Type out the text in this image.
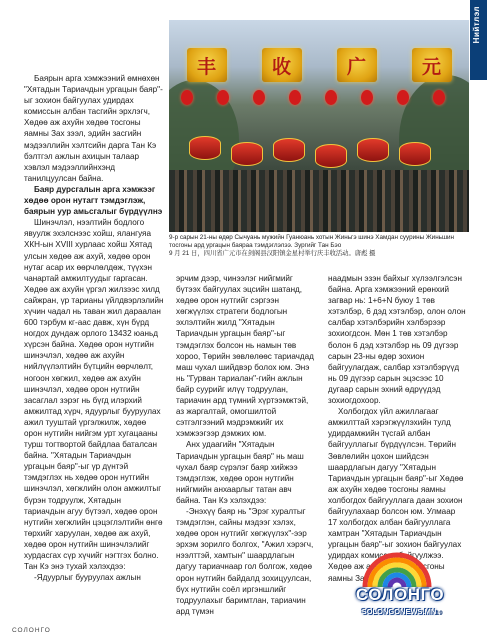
Нийтлэл
丰	收	广	元

9-р сарын 21-ны өдөр Сычуань мужийн Гуанюань хотын Жиньгэ шинэ Хамдан суурины Жиньшин тосгоны ард ургацын баяраа тэмдэглэлээ. Зургийг Тан Бэо

9 月 21 日，四川省广元市在剑阁县汉阳镇金星村举行庆丰收活动。唐彪 摄

Баярын арга хэмжээний өмнөхөн "Хятадын Тариачдын ургацын баяр"-ыг зохион байгуулах удирдах комиссын албан тасгийн эрхлэгч, Хөдөө аж ахуйн хөдөө тосгоны яамны Зах зээл, эдийн засгийн мэдээллийн хэлтсийн дарга Тан Кэ бэлтгэл ажлын ахицын талаар хэвлэл мэдээллийнхэнд танилцуулсан байна.

Баяр дурсгалын арга хэмжээг хөдөө орон нутагт тэмдэглэж, баярын уур амьсгалыг бүрдүүлнэ

Шинэчлэл, нээлтийн бодлого явуулж эхэлснээс хойш, ялангуяа ХКН-ын XVIII хурлаас хойш Хятад улсын хөдөө аж ахуй, хөдөө орон нутаг асар их өөрчлөлдөж, түүхэн чанартай амжилтуудыг гаргасан. Хөдөө аж ахуйн үргэл жилзээс хилд сайжран, үр тарианы үйлдвэрлэлийн хүчин чадал нь таван жил дараалан 600 тэрбум кг-аас давж, хүн бүрд ногдох дундаж орлого 13432 юаньд хүрсэн байна. Хөдөө орон нутгийн шинэчлэл, хөдөө аж ахуйн нийлүүлэлтийн бүтцийн өөрчлөлт, ногоон хөгжил, хөдөө аж ахуйн шинэчлэл, хөдөө орон нутгийн засаглал зэрэг нь бүгд илэрхий амжилтад хүрч, ядуурлыг бууруулах ажил тууштай үргэлжилж, хөдөө орон нутгийн нийгэм урт хугацааны турш тогтвортой байдлаа баталсан байна. "Хятадын Тариачдын ургацын баяр"-ыг үр дүнтэй тэмдэглэх нь хөдөө орон нутгийн шинэчлэл, хөгжлийн олон амжилтыг бүрэн тодруулж, Хятадын тариачдын агуу бүтээл, хөдөө орон нутгийн хөгжлийн цэцэглэлтийн өнгө төрхийг харуулан, хөдөө аж ахуй, хөдөө орон нутгийн шинэчлэлийг хурдасгах сүр хүчийг нэгтгэх болно. Тан Кэ энэ тухай хэлэхдээ:

-Ядуурлыг бууруулах ажлын

эрчим дээр, чинээлэг нийгмийг бүтээх байгуулах эцсийн шатанд, хөдөө орон нутгийг сэргээн хөгжүүлэх стратеги бодлогын эхлэлтийн жилд "Хятадын Тариачдын ургацын баяр"-ыг тэмдэглэх болсон нь намын төв хороо, Төрийн зөвлөлөөс тариачдад маш чухал шийдвэр болох юм. Энэ нь "Гурван тариалан"-гийн ажлын байр суурийг илүү тодруулан, тариачин ард түмний хүртээмжтэй, аз жаргалтай, омогшилтой сэтгэлгээний мэдрэмжийг их хэмжээгээр дэмжих юм.

Анх удаагийн "Хятадын Тариачдын ургацын баяр" нь маш чухал баяр сүрэлэг баяр хийжээ тэмдэглэж, хөдөө орон нутгийн нийгмийн анхаарлыг татан авч байна. Тан Кэ хэлэхдээ:

-Энэхүү баяр нь "Эрэг хуралтыг тэмдэглэн, сайны мэдээг хэлэх, хөдөө орон нутгийг хөгжүүлэх"-ээр эрхэм зорилго болгох, "Ажил хэрэгч, нээлттэй, хамтын" шаардлагын дагуу тариачнаар гол болгож, хөдөө орон нутгийн байдалд зохицуулсан, бүх нутгийн соёл иргэншлийг тодруулахыг баримтлан, тариачин ард түмэн

наадмын эзэн байхыг хүлээлгэлсэн байна. Арга хэмжээний ерөнхий загвар нь: 1+6+N буюу 1 төв хэтэлбэр, 6 дэд хэтэлбэр, олон олон салбар хэтэлбэрийн хэлбэрээр зохиогдсон. Мөн 1 төв хэтэлбэр болон 6 дэд хэтэлбэр нь 09 дүгээр сарын 23-ны өдөр зохион байгуулагдаж, салбар хэтэлбэрүүд нь 09 дүгээр сарын эцэсээс 10 дугаар сарын эхний өдрүүдэд зохиогдохоор.

Холбогдох үйл ажиллагааг амжилттай хэрэгжүүлэхийн тулд удирдамжийн түсгай албан байгууллагыг бүрдүүлсэн. Төрийн Зөвлөлийн цохон шийдсэн шаардлагын дагуу "Хятадын Тариачдын ургацын баяр"-ыг Хөдөө аж ахуйн хөдөө тосгоны яамны холбогдох байгууллага даан зохион байгуулахаар болсон юм. Улмаар 17 холбогдох албан байгууллага хамтран "Хятадын Тариачдын ургацын баяр"-ыг зохион байгуулах удирдах комиссыг байгуулжээ. Хөдөө аж ахуйн хөдөө тосгоны яамны Зах зээл,

СОЛОНГО
19
СОЛОНГО
SOLONGONEWS.MN
